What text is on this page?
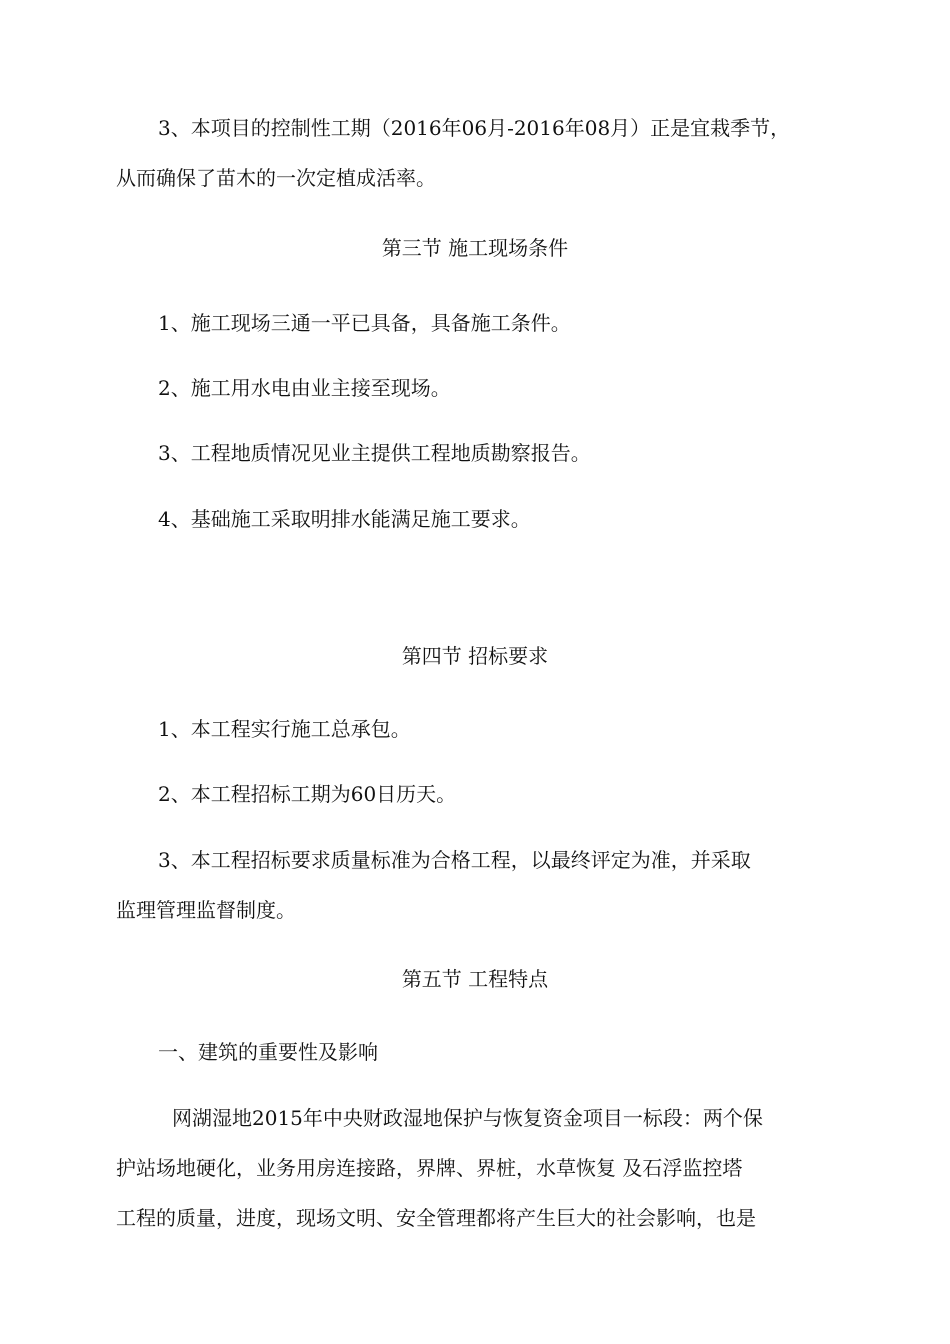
3、本项目的控制性工期（2016年06月-2016年08月）正是宜栽季节，
从而确保了苗木的一次定植成活率。
第三节 施工现场条件
1、施工现场三通一平已具备，具备施工条件。
2、施工用水电由业主接至现场。
3、工程地质情况见业主提供工程地质勘察报告。
4、基础施工采取明排水能满足施工要求。
第四节 招标要求
1、本工程实行施工总承包。
2、本工程招标工期为60日历天。
3、本工程招标要求质量标准为合格工程，以最终评定为准，并采取
监理管理监督制度。
第五节 工程特点
一、建筑的重要性及影响
网湖湿地2015年中央财政湿地保护与恢复资金项目一标段：两个保
护站场地硬化，业务用房连接路，界牌、界桩，水草恢复 及石浮监控塔
工程的质量，进度，现场文明、安全管理都将产生巨大的社会影响，也是
